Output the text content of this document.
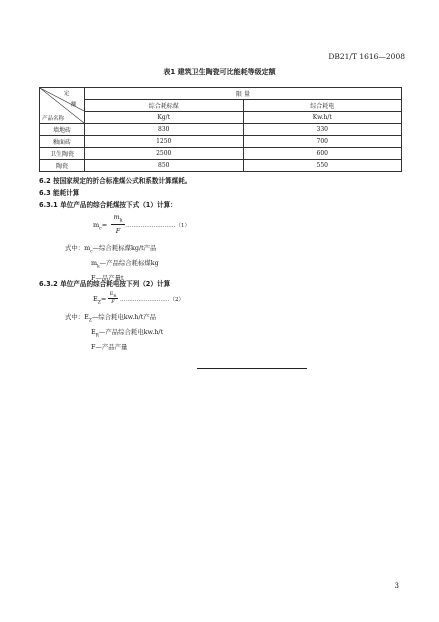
DB21/T 1616—2008
表1 建筑卫生陶瓷可比能耗等级定额
定
额
产品名称	限 量	
	综合耗标煤	综合耗电
	Kg/t	Kw.h/t
墙地砖	830	330
釉面砖	1250	700
卫生陶瓷	2500	600
陶瓷	850	550
6.2 按国家规定的折合标准煤公式和系数计算煤耗。
6.3 能耗计算
6.3.1 单位产品的综合耗煤按下式（1）计算：
$m_c=$
$m_k$
F
………………………（1）
式中：$m_c—$综合耗标煤kg/t产品
$m_k—$产品综合耗标煤kg
F—品产量t
6.3.2 单位产品的综合耗电按下列（2）计算
$E_Z=$
$E_R$
F ………………………（2）
式中：$E_Z—$综合耗电kw.h/t产品
$E_R—$产品综合耗电kw.h/t
F—产品产量
3
